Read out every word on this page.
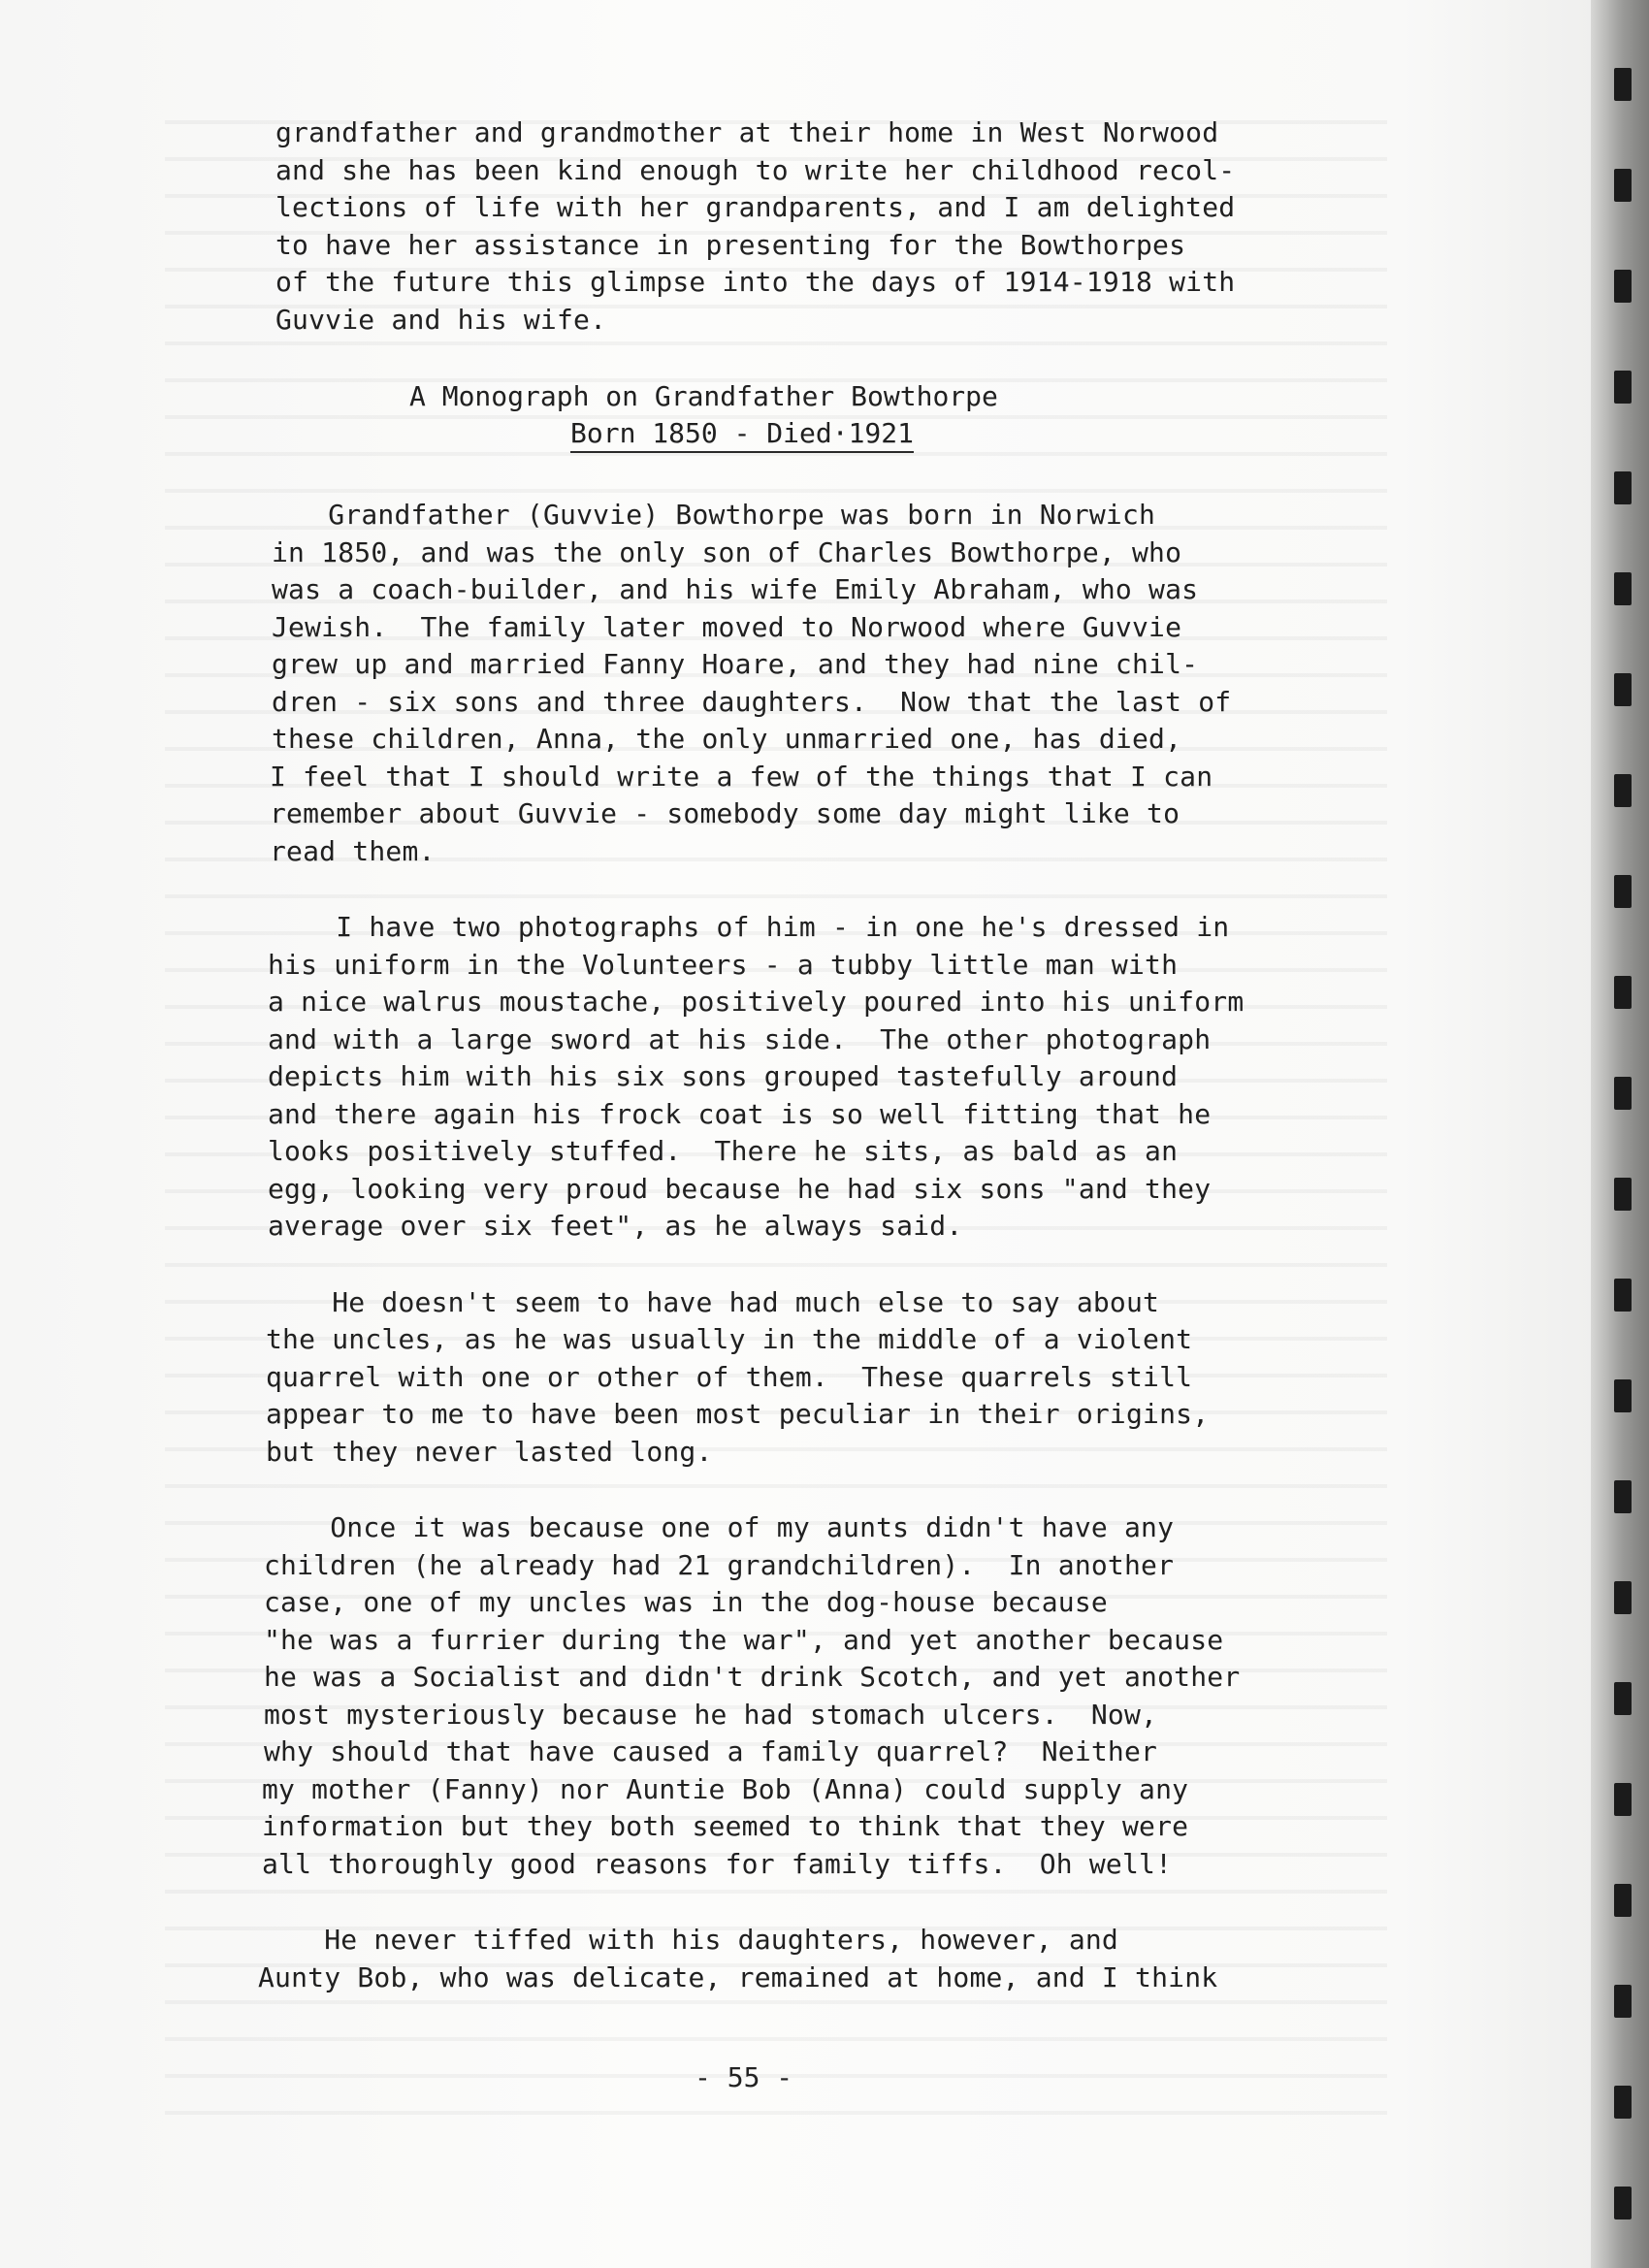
grandfather and grandmother at their home in West Norwood
and she has been kind enough to write her childhood recol-
lections of life with her grandparents, and I am delighted
to have her assistance in presenting for the Bowthorpes
of the future this glimpse into the days of 1914-1918 with
Guvvie and his wife.
A Monograph on Grandfather Bowthorpe
Born 1850 - Died·1921
Grandfather (Guvvie) Bowthorpe was born in Norwich
in 1850, and was the only son of Charles Bowthorpe, who
was a coach-builder, and his wife Emily Abraham, who was
Jewish.  The family later moved to Norwood where Guvvie
grew up and married Fanny Hoare, and they had nine chil-
dren - six sons and three daughters.  Now that the last of
these children, Anna, the only unmarried one, has died,
I feel that I should write a few of the things that I can
remember about Guvvie - somebody some day might like to
read them.
I have two photographs of him - in one he's dressed in
his uniform in the Volunteers - a tubby little man with
a nice walrus moustache, positively poured into his uniform
and with a large sword at his side.  The other photograph
depicts him with his six sons grouped tastefully around
and there again his frock coat is so well fitting that he
looks positively stuffed.  There he sits, as bald as an
egg, looking very proud because he had six sons "and they
average over six feet", as he always said.
He doesn't seem to have had much else to say about
the uncles, as he was usually in the middle of a violent
quarrel with one or other of them.  These quarrels still
appear to me to have been most peculiar in their origins,
but they never lasted long.
Once it was because one of my aunts didn't have any
children (he already had 21 grandchildren).  In another
case, one of my uncles was in the dog-house because
"he was a furrier during the war", and yet another because
he was a Socialist and didn't drink Scotch, and yet another
most mysteriously because he had stomach ulcers.  Now,
why should that have caused a family quarrel?  Neither
my mother (Fanny) nor Auntie Bob (Anna) could supply any
information but they both seemed to think that they were
all thoroughly good reasons for family tiffs.  Oh well!
He never tiffed with his daughters, however, and
Aunty Bob, who was delicate, remained at home, and I think
- 55 -
